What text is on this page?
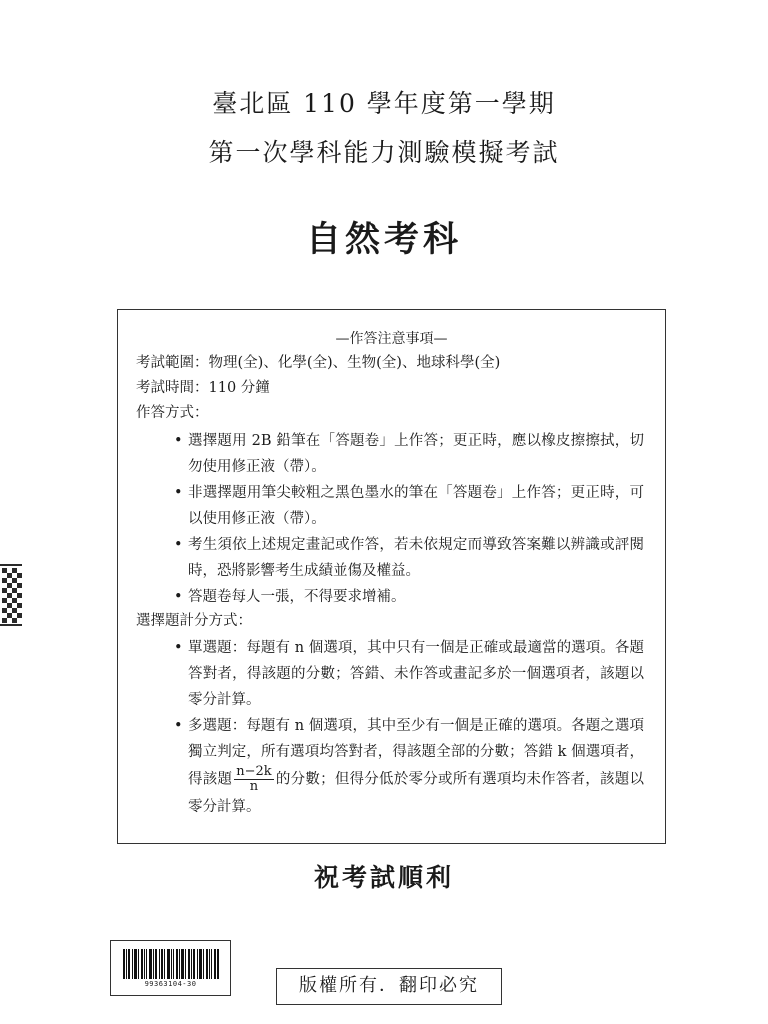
臺北區 110 學年度第一學期
第一次學科能力測驗模擬考試
自然考科
—作答注意事項—
考試範圍：物理(全)、化學(全)、生物(全)、地球科學(全)
考試時間：110 分鐘
作答方式：
• 選擇題用 2B 鉛筆在「答題卷」上作答；更正時，應以橡皮擦擦拭，切勿使用修正液（帶）。
• 非選擇題用筆尖較粗之黑色墨水的筆在「答題卷」上作答；更正時，可以使用修正液（帶）。
• 考生須依上述規定畫記或作答，若未依規定而導致答案難以辨識或評閱時，恐將影響考生成績並傷及權益。
• 答題卷每人一張，不得要求增補。
選擇題計分方式：
• 單選題：每題有 n 個選項，其中只有一個是正確或最適當的選項。各題答對者，得該題的分數；答錯、未作答或畫記多於一個選項者，該題以零分計算。
• 多選題：每題有 n 個選項，其中至少有一個是正確的選項。各題之選項獨立判定，所有選項均答對者，得該題全部的分數；答錯 k 個選項者，得該題 $\frac{n-2k}{n}$ 的分數；但得分低於零分或所有選項均未作答者，該題以零分計算。
祝考試順利
99363104-30	版權所有．翻印必究
